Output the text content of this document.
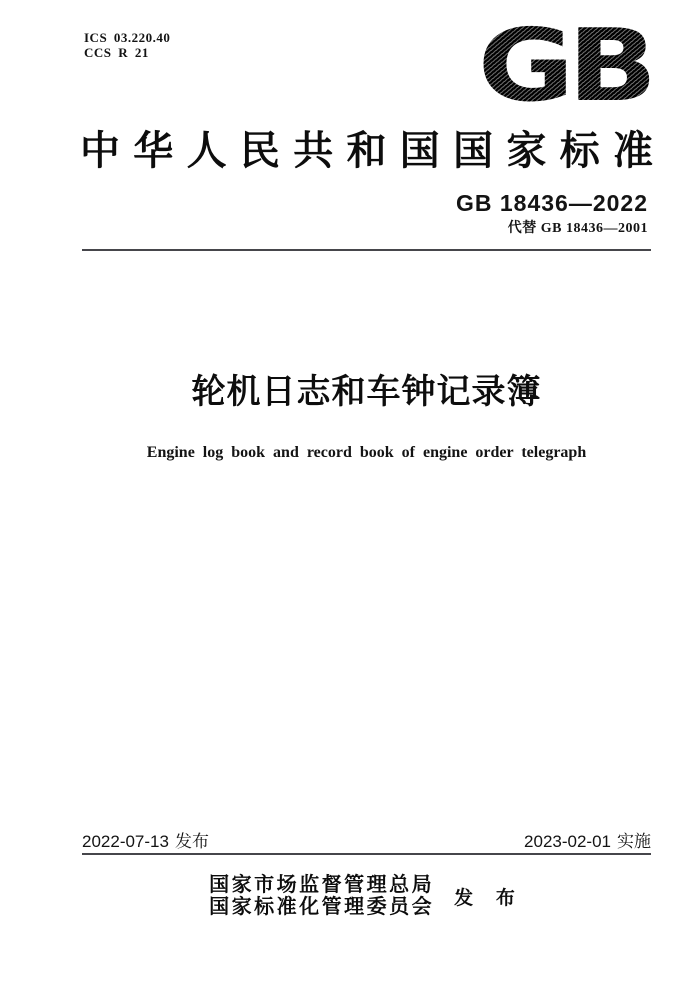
ICS 03.220.40
CCS R 21	GB
中华人民共和国国家标准
GB 18436—2022
代替 GB 18436—2001
轮机日志和车钟记录簿
Engine log book and record book of engine order telegraph
2022-07-13 发布	2023-02-01 实施
国家市场监督管理总局
国家标准化管理委员会 发 布
